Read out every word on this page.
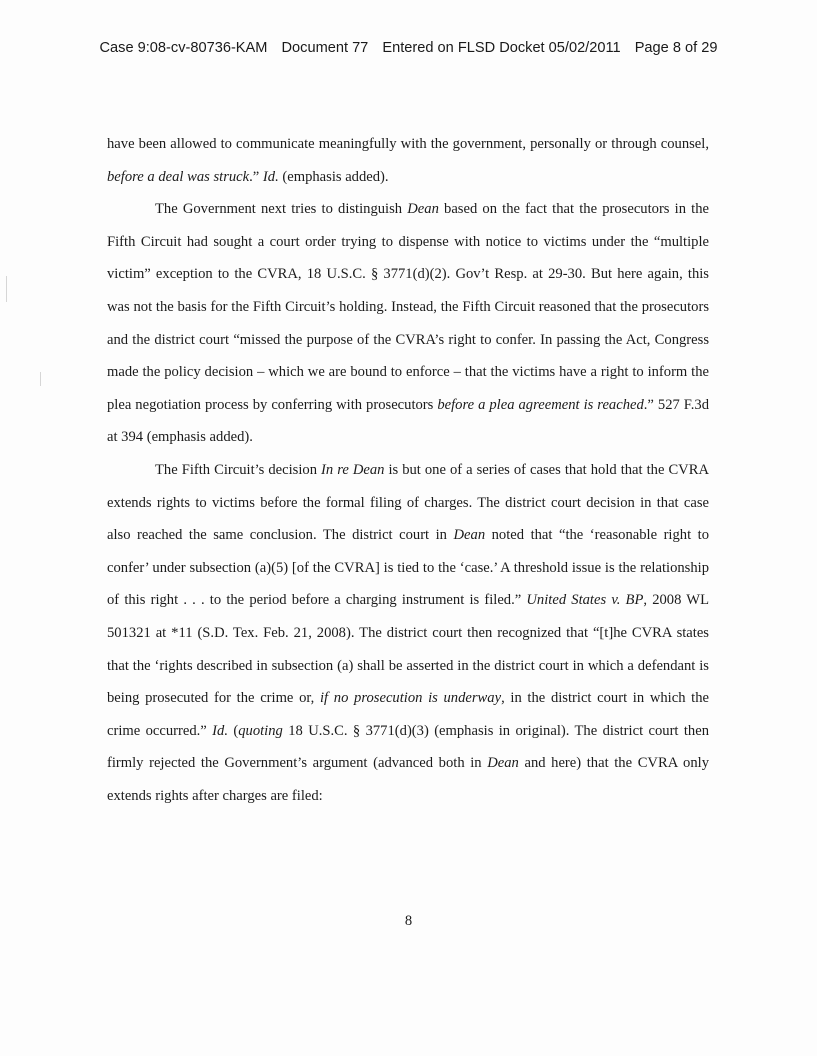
Case 9:08-cv-80736-KAM Document 77 Entered on FLSD Docket 05/02/2011 Page 8 of 29

have been allowed to communicate meaningfully with the government, personally or through counsel, before a deal was struck.” Id. (emphasis added).

The Government next tries to distinguish Dean based on the fact that the prosecutors in the Fifth Circuit had sought a court order trying to dispense with notice to victims under the “multiple victim” exception to the CVRA, 18 U.S.C. § 3771(d)(2). Gov’t Resp. at 29-30. But here again, this was not the basis for the Fifth Circuit’s holding. Instead, the Fifth Circuit reasoned that the prosecutors and the district court “missed the purpose of the CVRA’s right to confer. In passing the Act, Congress made the policy decision – which we are bound to enforce – that the victims have a right to inform the plea negotiation process by conferring with prosecutors before a plea agreement is reached.” 527 F.3d at 394 (emphasis added).

The Fifth Circuit’s decision In re Dean is but one of a series of cases that hold that the CVRA extends rights to victims before the formal filing of charges. The district court decision in that case also reached the same conclusion. The district court in Dean noted that “the ‘reasonable right to confer’ under subsection (a)(5) [of the CVRA] is tied to the ‘case.’ A threshold issue is the relationship of this right . . . to the period before a charging instrument is filed.” United States v. BP, 2008 WL 501321 at *11 (S.D. Tex. Feb. 21, 2008). The district court then recognized that “[t]he CVRA states that the ‘rights described in subsection (a) shall be asserted in the district court in which a defendant is being prosecuted for the crime or, if no prosecution is underway, in the district court in which the crime occurred.” Id. (quoting 18 U.S.C. § 3771(d)(3) (emphasis in original). The district court then firmly rejected the Government’s argument (advanced both in Dean and here) that the CVRA only extends rights after charges are filed:

8
